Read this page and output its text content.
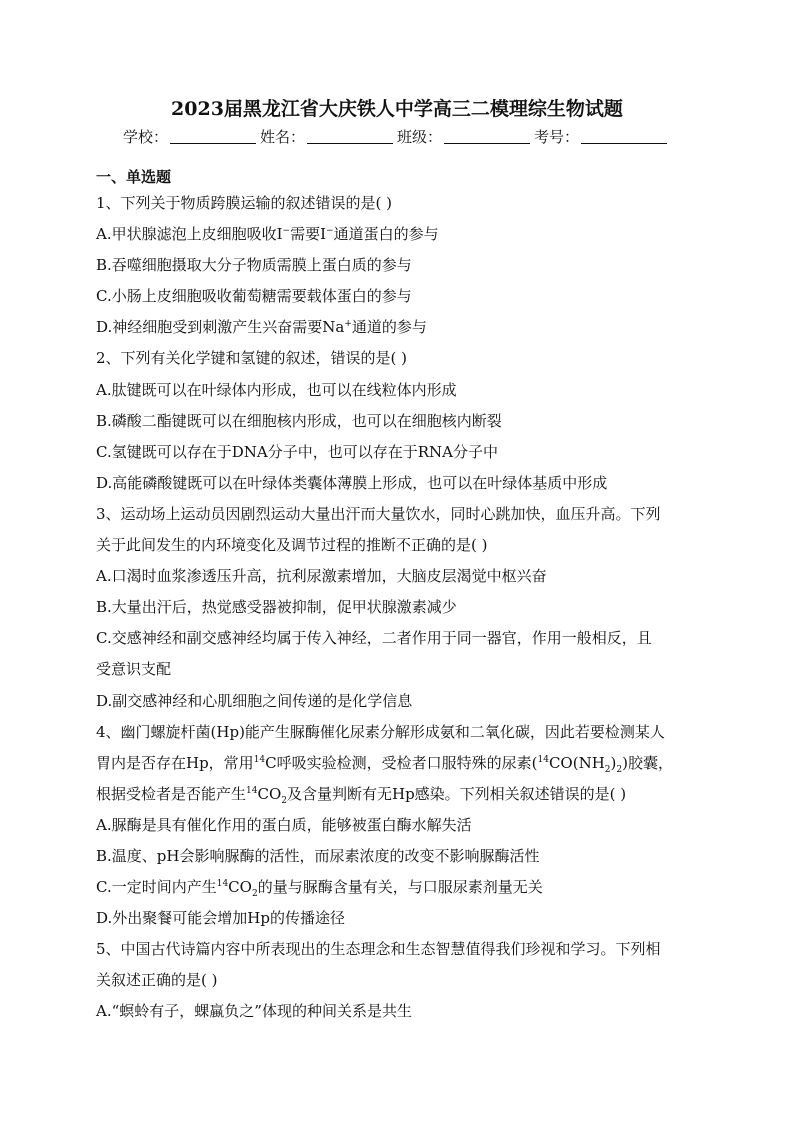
2023届黑龙江省大庆铁人中学高三二模理综生物试题
学校：	姓名：	班级：	考号：
一、单选题
1、下列关于物质跨膜运输的叙述错误的是( )
A.甲状腺滤泡上皮细胞吸收I−需要I−通道蛋白的参与
B.吞噬细胞摄取大分子物质需膜上蛋白质的参与
C.小肠上皮细胞吸收葡萄糖需要载体蛋白的参与
D.神经细胞受到刺激产生兴奋需要Na+通道的参与
2、下列有关化学键和氢键的叙述，错误的是( )
A.肽键既可以在叶绿体内形成，也可以在线粒体内形成
B.磷酸二酯键既可以在细胞核内形成，也可以在细胞核内断裂
C.氢键既可以存在于DNA分子中，也可以存在于RNA分子中
D.高能磷酸键既可以在叶绿体类囊体薄膜上形成，也可以在叶绿体基质中形成
3、运动场上运动员因剧烈运动大量出汗而大量饮水，同时心跳加快，血压升高。下列
关于此间发生的内环境变化及调节过程的推断不正确的是( )
A.口渴时血浆渗透压升高，抗利尿激素增加，大脑皮层渴觉中枢兴奋
B.大量出汗后，热觉感受器被抑制，促甲状腺激素减少
C.交感神经和副交感神经均属于传入神经，二者作用于同一器官，作用一般相反，且
受意识支配
D.副交感神经和心肌细胞之间传递的是化学信息
4、幽门螺旋杆菌(Hp)能产生脲酶催化尿素分解形成氨和二氧化碳，因此若要检测某人
胃内是否存在Hp，常用$^{14}$C呼吸实验检测，受检者口服特殊的尿素$(^{14}CO(NH_2)_2)$胶囊，
根据受检者是否能产生$^{14}CO_2$及含量判断有无Hp感染。下列相关叙述错误的是( )
A.脲酶是具有催化作用的蛋白质，能够被蛋白酶水解失活
B.温度、pH会影响脲酶的活性，而尿素浓度的改变不影响脲酶活性
C.一定时间内产生$^{14}CO_2$的量与脲酶含量有关，与口服尿素剂量无关
D.外出聚餐可能会增加Hp的传播途径
5、中国古代诗篇内容中所表现出的生态理念和生态智慧值得我们珍视和学习。下列相
关叙述正确的是( )
A.“螟蛉有子，蜾蠃负之”体现的种间关系是共生
